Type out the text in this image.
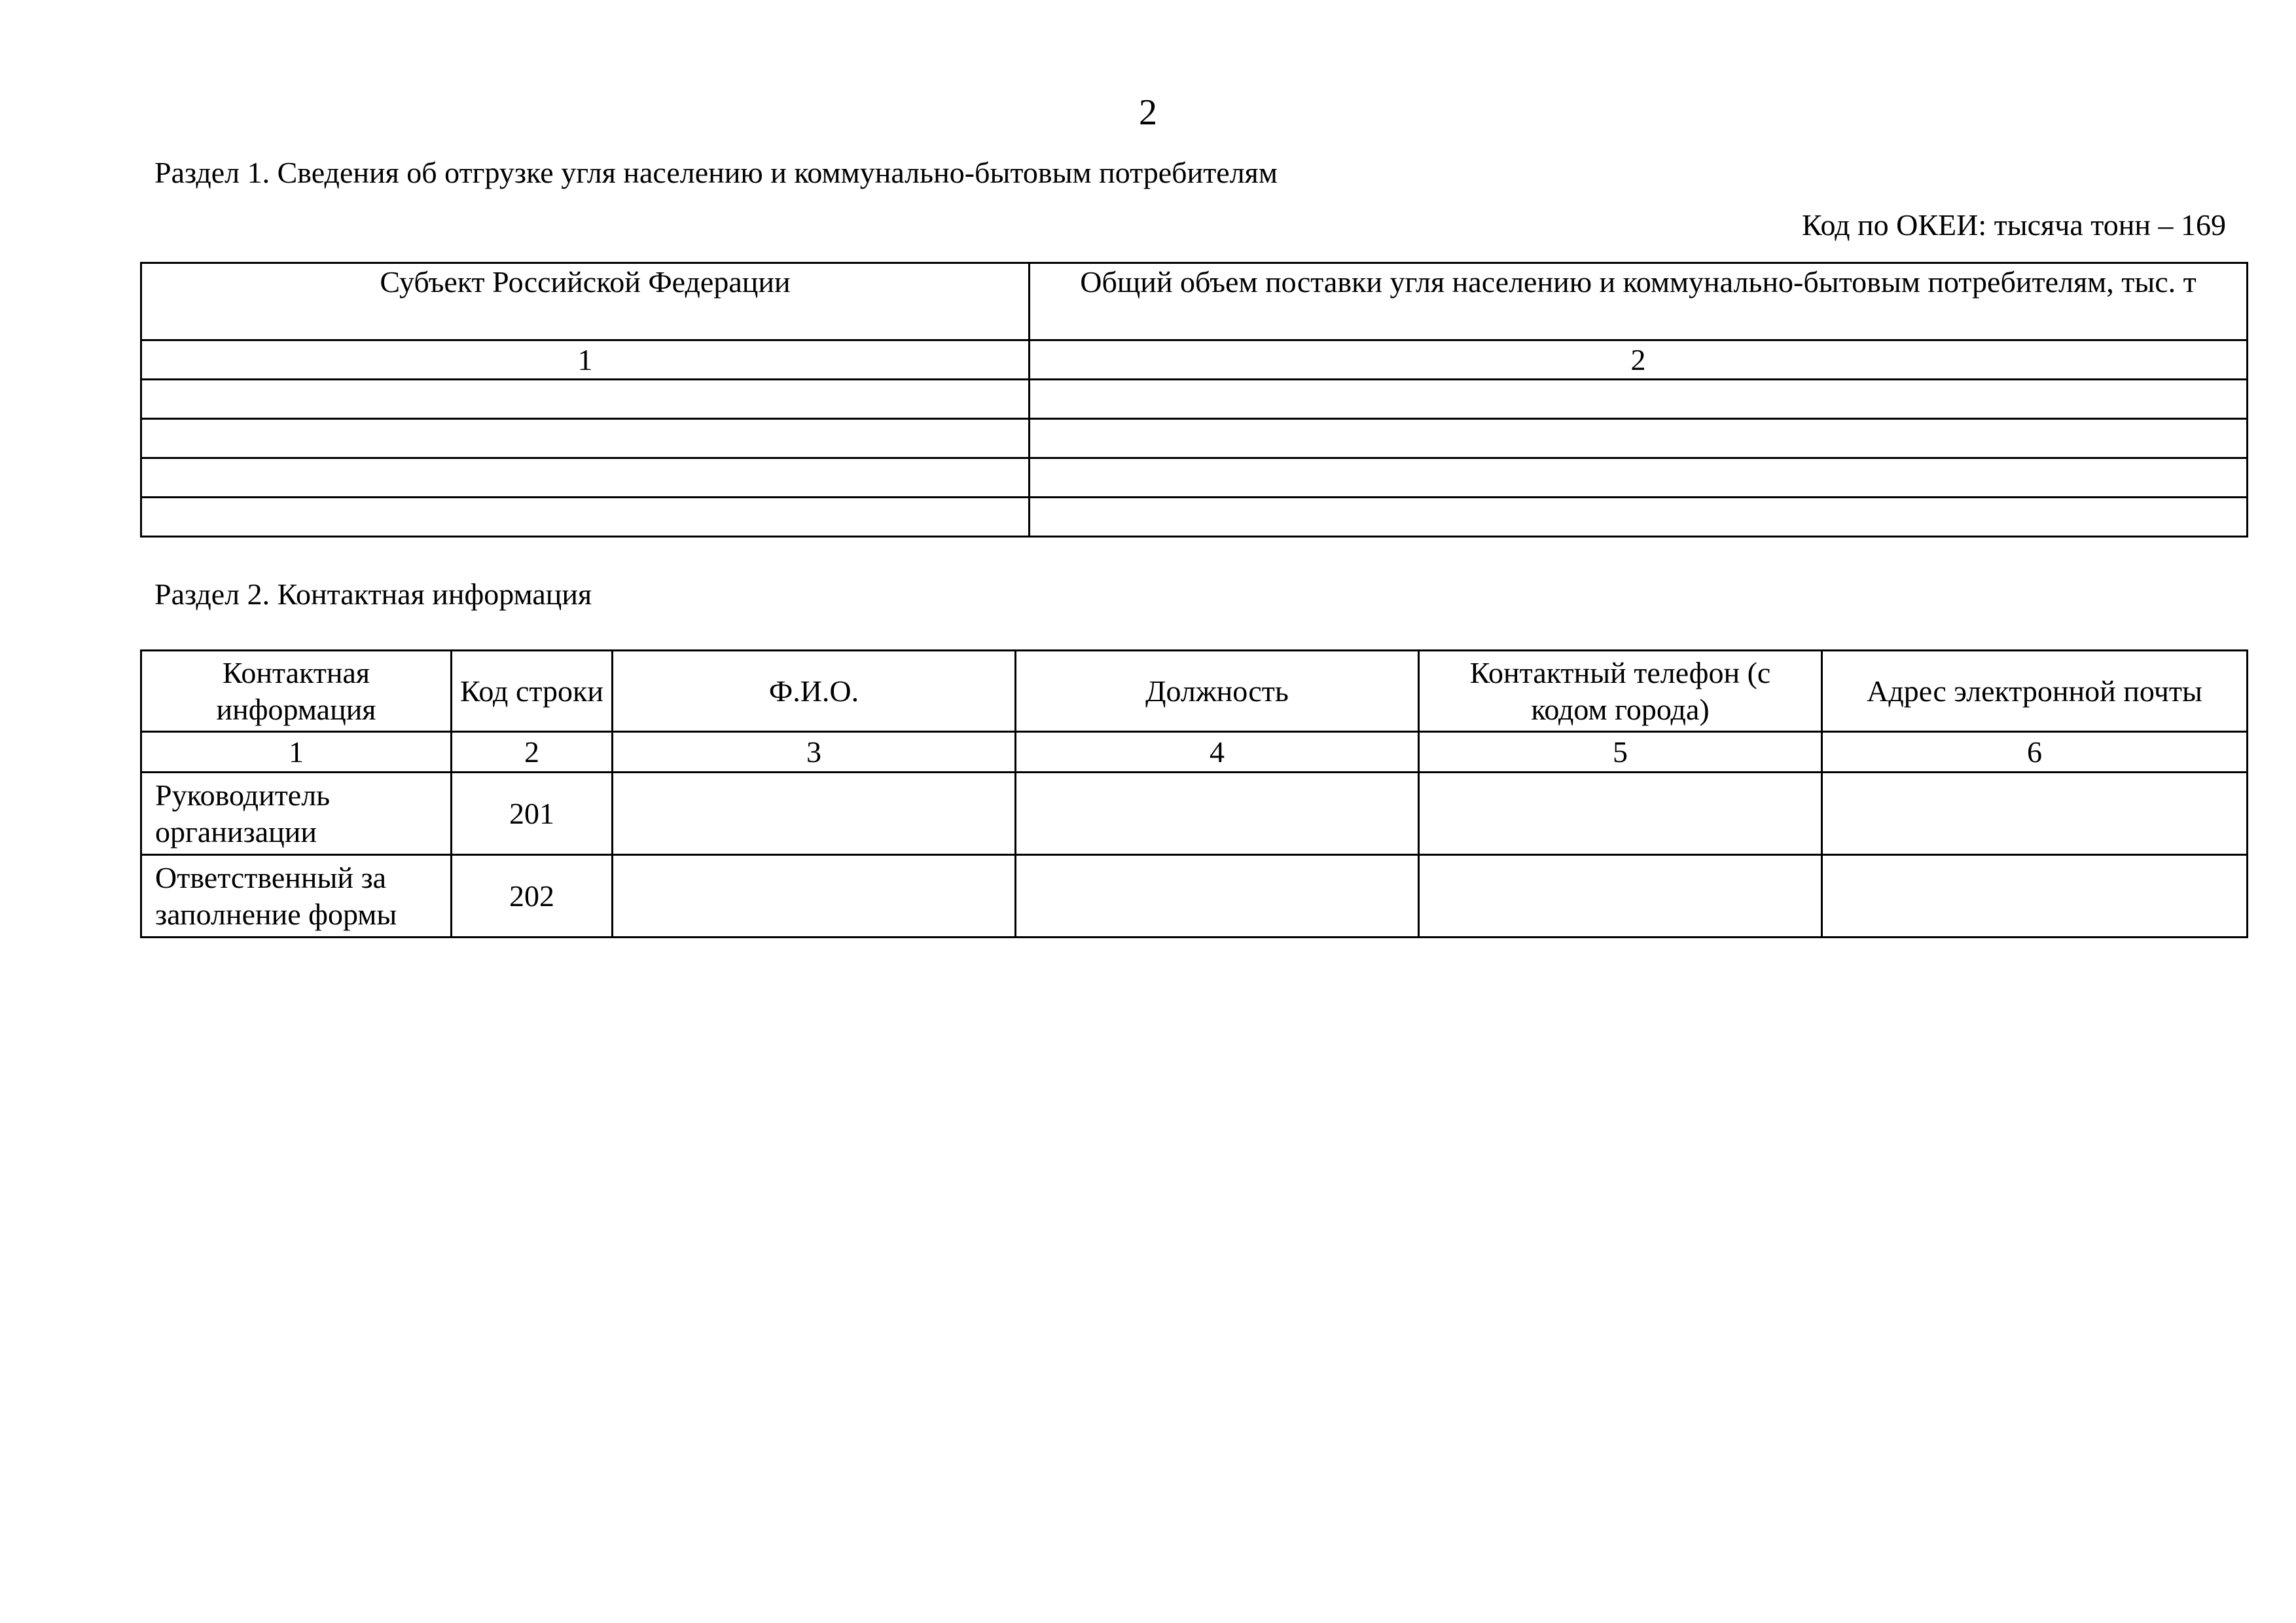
2
Раздел 1. Сведения об отгрузке угля населению и коммунально-бытовым потребителям
Код по ОКЕИ: тысяча тонн – 169
Субъект Российской Федерации	Общий объем поставки угля населению и коммунально-бытовым потребителям, тыс. т
1	2

Раздел 2. Контактная информация
Контактная информация	Код строки	Ф.И.О.	Должность	Контактный телефон (с кодом города)	Адрес электронной почты
1	2	3	4	5	6
Руководитель организации	201				
Ответственный за заполнение формы	202				
